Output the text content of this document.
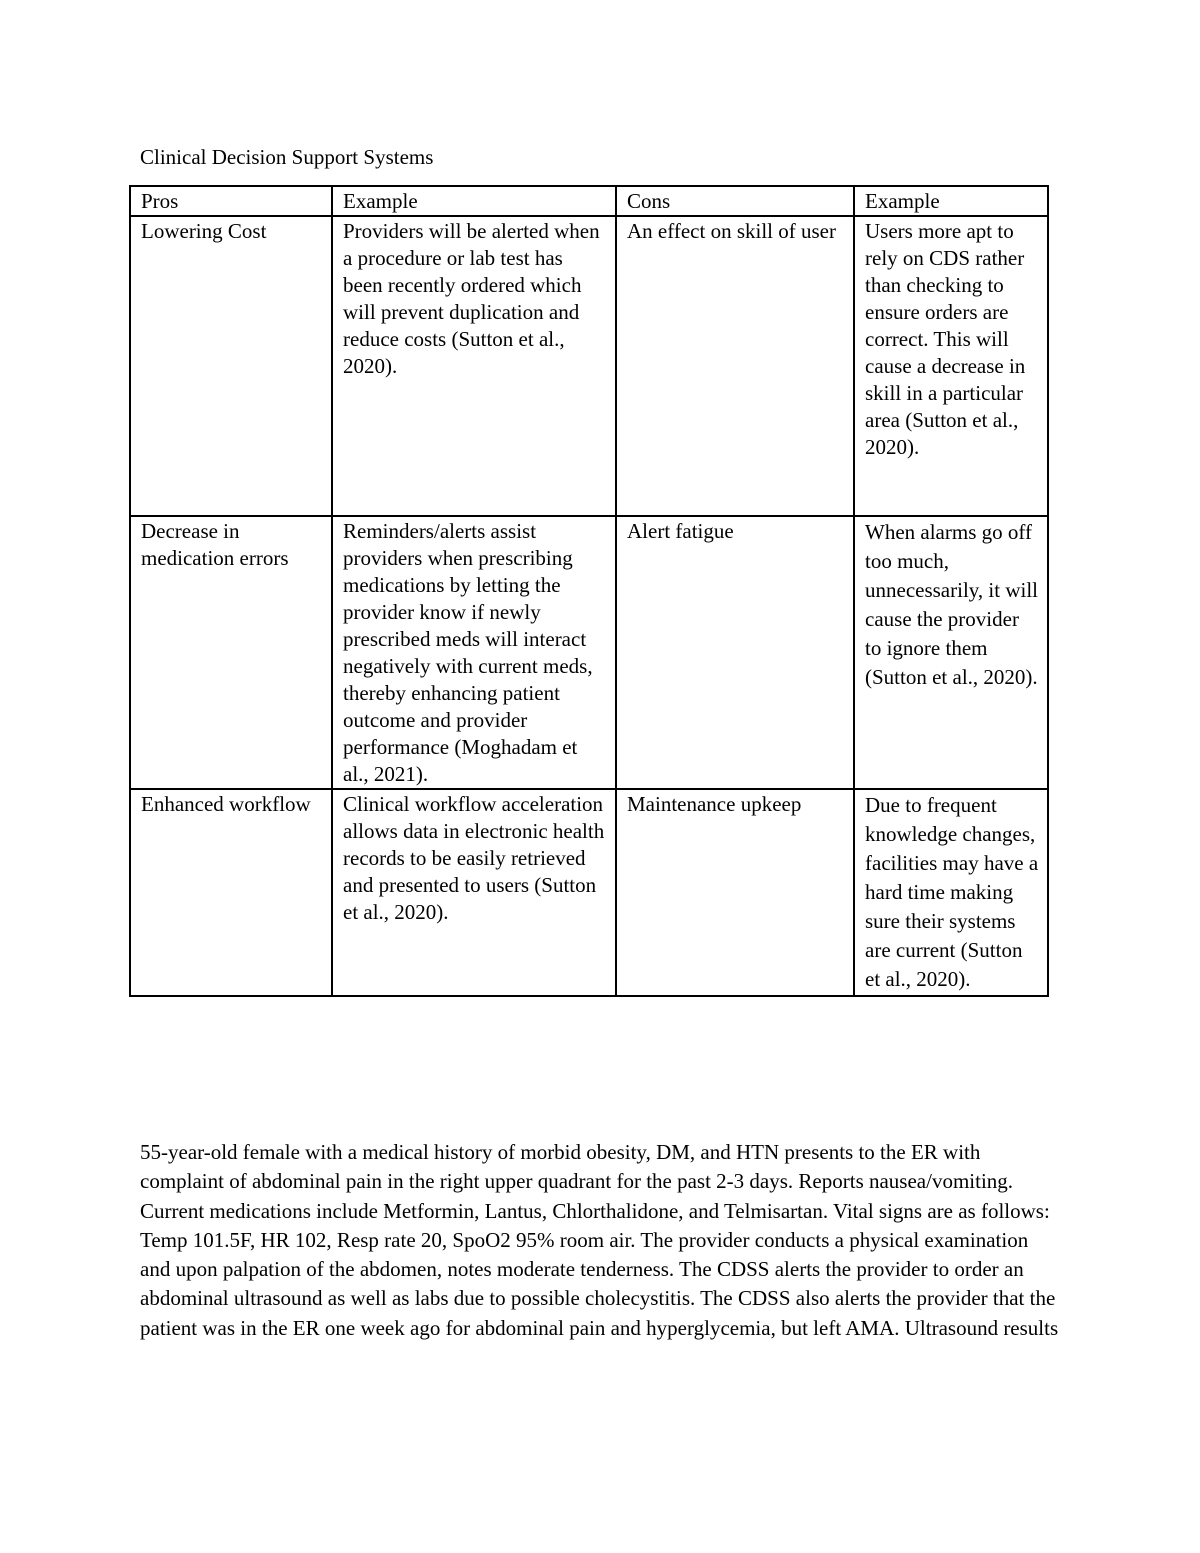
Clinical Decision Support Systems
Pros	Example	Cons	Example
Lowering Cost	Providers will be alerted when a procedure or lab test has been recently ordered which will prevent duplication and reduce costs (Sutton et al., 2020).	An effect on skill of user	Users more apt to rely on CDS rather than checking to ensure orders are correct. This will cause a decrease in skill in a particular area (Sutton et al., 2020).
Decrease in medication errors	Reminders/alerts assist providers when prescribing medications by letting the provider know if newly prescribed meds will interact negatively with current meds, thereby enhancing patient outcome and provider performance (Moghadam et al., 2021).	Alert fatigue	When alarms go off too much, unnecessarily, it will cause the provider to ignore them (Sutton et al., 2020).
Enhanced workflow	Clinical workflow acceleration allows data in electronic health records to be easily retrieved and presented to users (Sutton et al., 2020).	Maintenance upkeep	Due to frequent knowledge changes, facilities may have a hard time making sure their systems are current (Sutton et al., 2020).
55-year-old female with a medical history of morbid obesity, DM, and HTN presents to the ER with complaint of abdominal pain in the right upper quadrant for the past 2-3 days. Reports nausea/vomiting. Current medications include Metformin, Lantus, Chlorthalidone, and Telmisartan. Vital signs are as follows: Temp 101.5F, HR 102, Resp rate 20, SpoO2 95% room air. The provider conducts a physical examination and upon palpation of the abdomen, notes moderate tenderness. The CDSS alerts the provider to order an abdominal ultrasound as well as labs due to possible cholecystitis. The CDSS also alerts the provider that the patient was in the ER one week ago for abdominal pain and hyperglycemia, but left AMA. Ultrasound results
